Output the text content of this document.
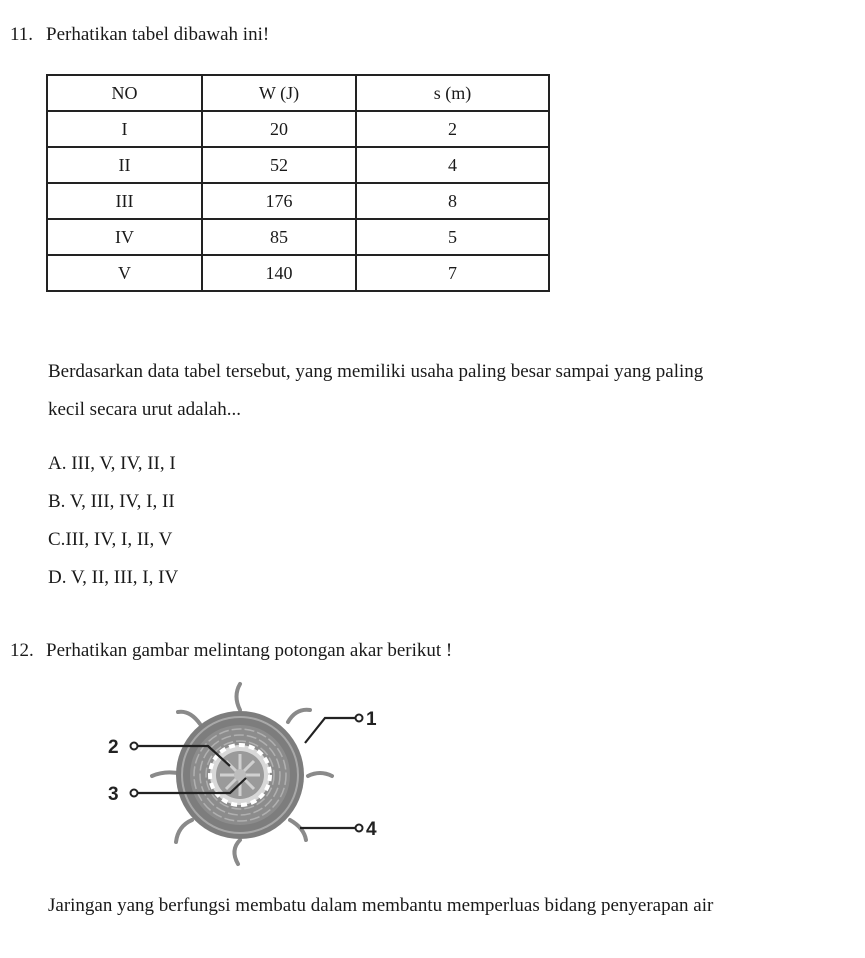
11. Perhatikan tabel dibawah ini!
NO	W (J)	s (m)
I	20	2
II	52	4
III	176	8
IV	85	5
V	140	7
Berdasarkan data tabel tersebut, yang memiliki usaha paling besar sampai yang paling
kecil secara urut adalah...
A. III, V, IV, II, I
B. V, III, IV, I, II
C.III, IV, I, II, V
D. V, II, III, I, IV
12. Perhatikan gambar melintang potongan akar berikut !
1
2
3
4
Jaringan yang berfungsi membatu dalam membantu memperluas bidang penyerapan air
